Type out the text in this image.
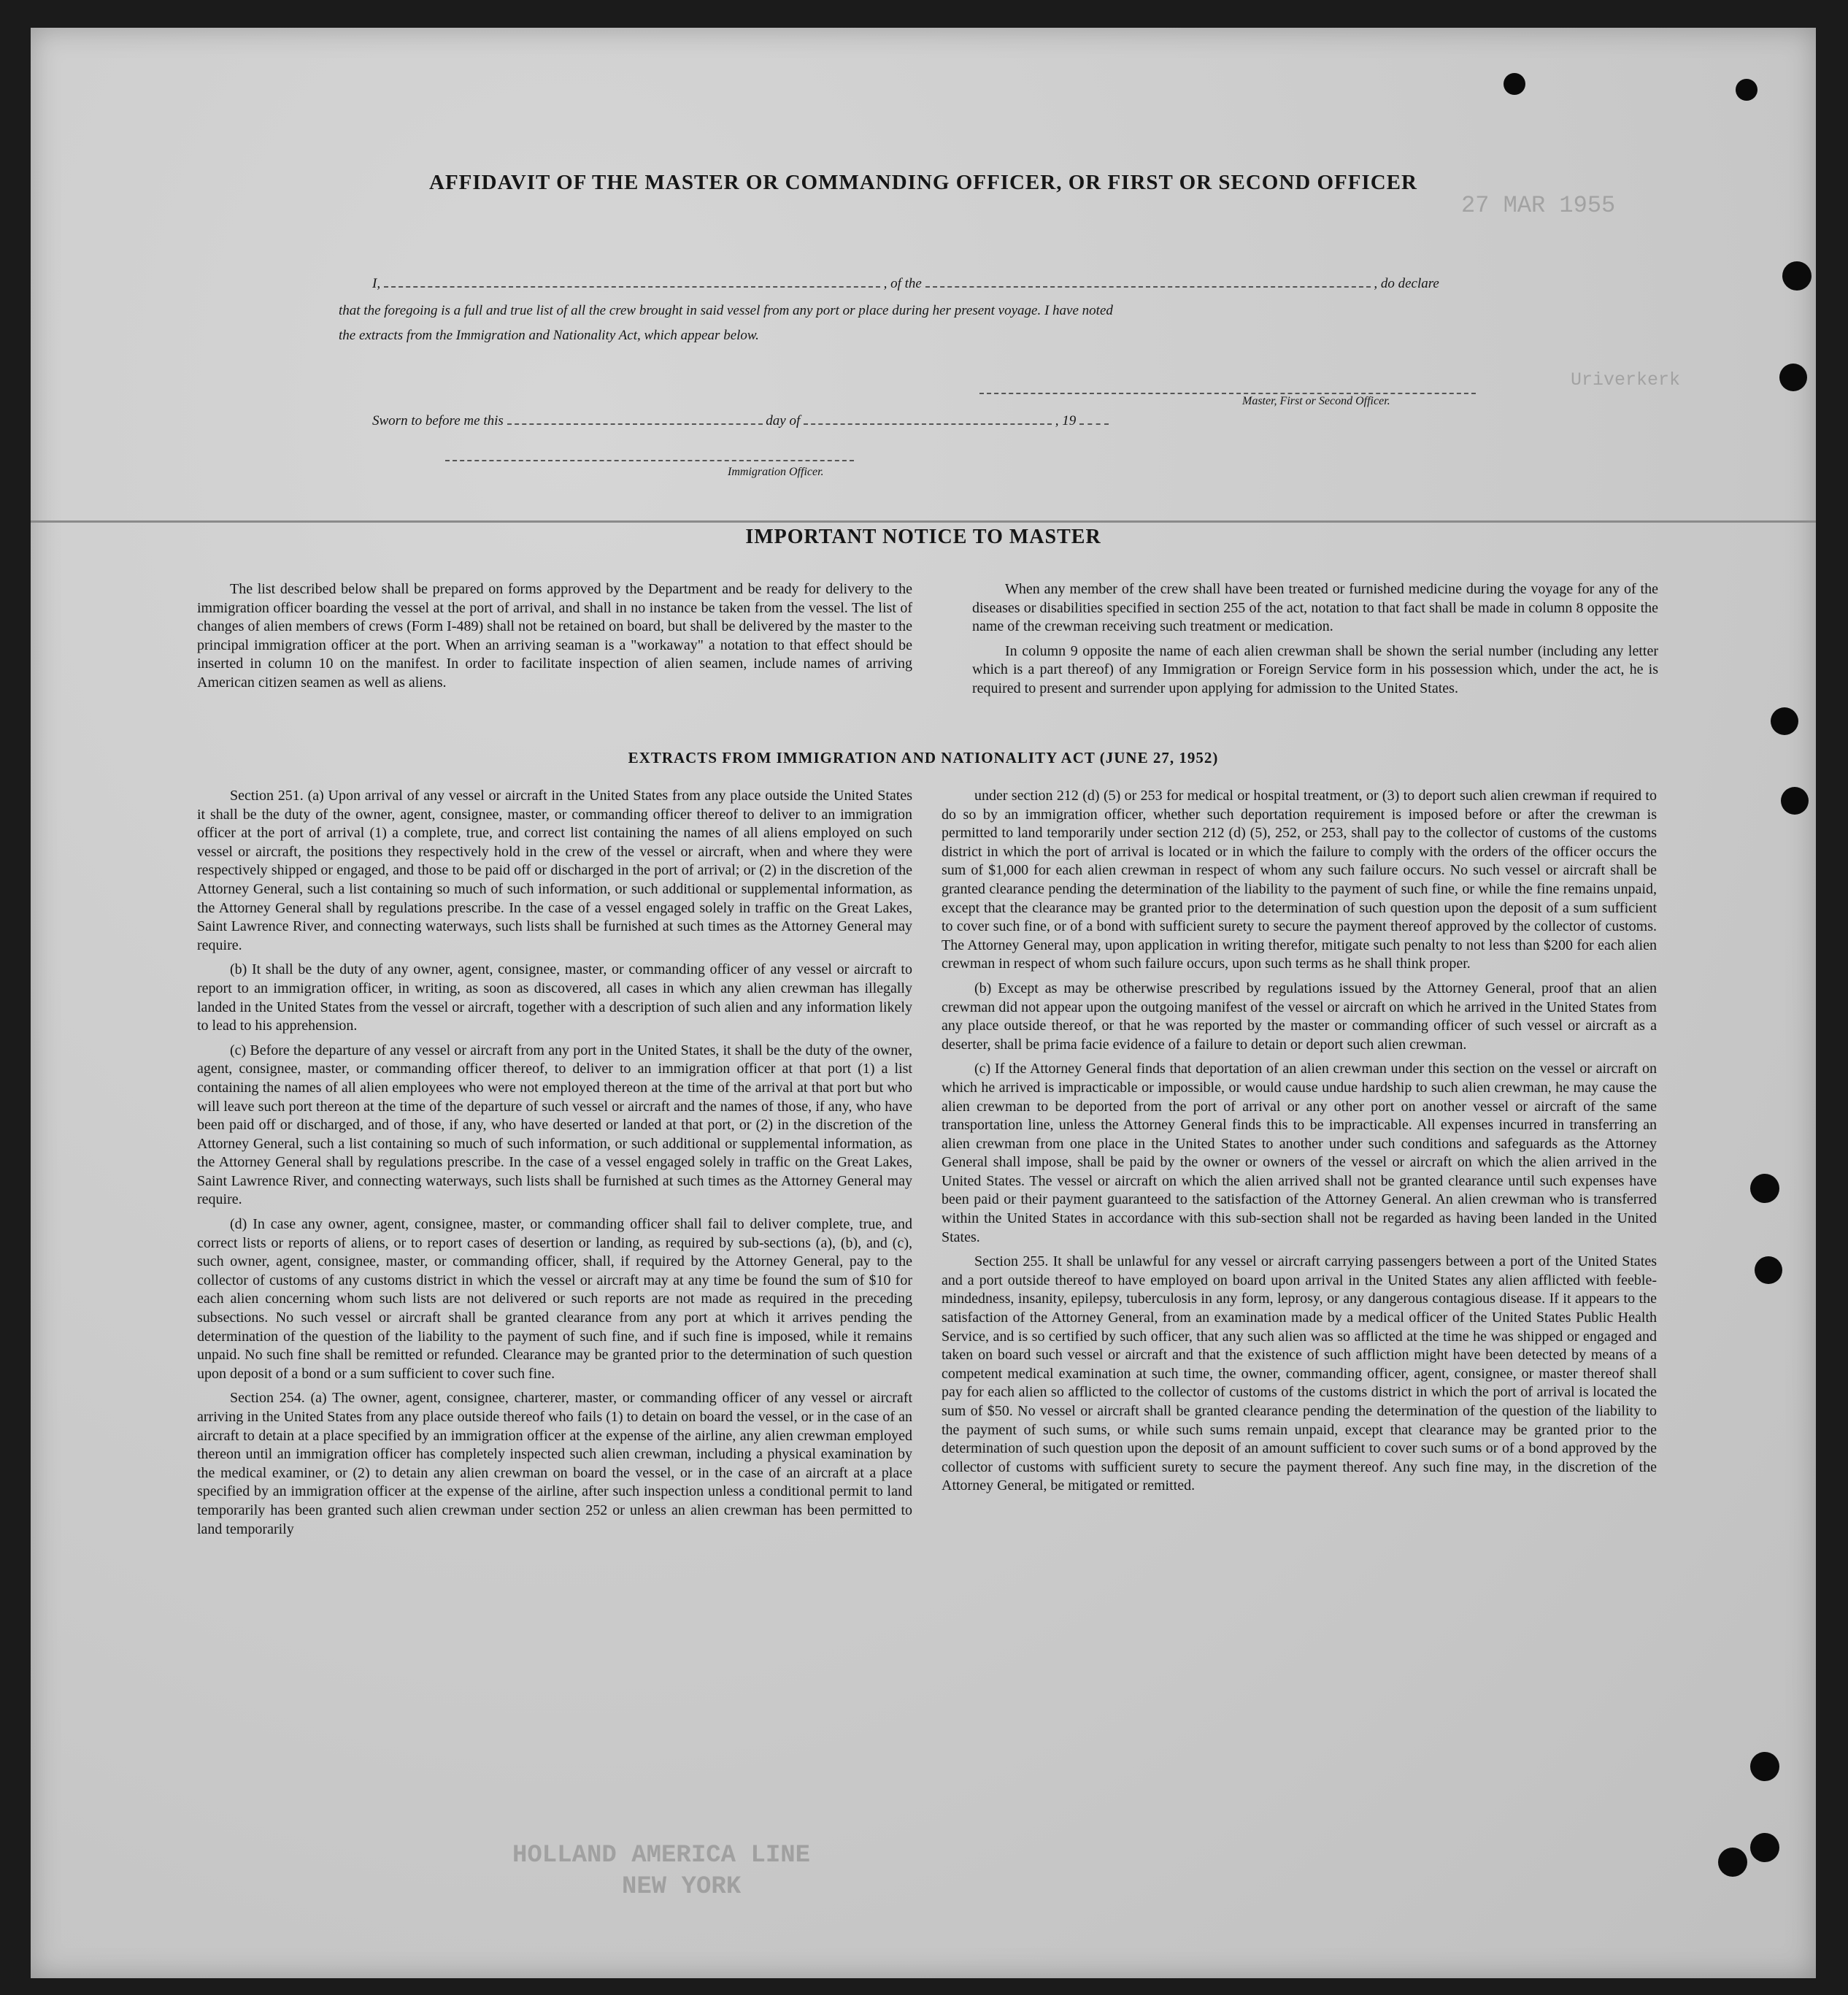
27 MAR 1955
Uriverkerk
HOLLAND AMERICA LINE
NEW YORK
AFFIDAVIT OF THE MASTER OR COMMANDING OFFICER, OR FIRST OR SECOND OFFICER
I,	, of the	, do declare
that the foregoing is a full and true list of all the crew brought in said vessel from any port or place during her present voyage. I have noted
the extracts from the Immigration and Nationality Act, which appear below.
Master, First or Second Officer.
Sworn to before me this	day of	, 19
Immigration Officer.
IMPORTANT NOTICE TO MASTER

The list described below shall be prepared on forms approved by the Department and be ready for delivery to the immigration officer boarding the vessel at the port of arrival, and shall in no instance be taken from the vessel. The list of changes of alien members of crews (Form I-489) shall not be retained on board, but shall be delivered by the master to the principal immigration officer at the port. When an arriving seaman is a "workaway" a notation to that effect should be inserted in column 10 on the manifest. In order to facilitate inspection of alien seamen, include names of arriving American citizen seamen as well as aliens.

When any member of the crew shall have been treated or furnished medicine during the voyage for any of the diseases or disabilities specified in section 255 of the act, notation to that fact shall be made in column 8 opposite the name of the crewman receiving such treatment or medication.

In column 9 opposite the name of each alien crewman shall be shown the serial number (including any letter which is a part thereof) of any Immigration or Foreign Service form in his possession which, under the act, he is required to present and surrender upon applying for admission to the United States.

EXTRACTS FROM IMMIGRATION AND NATIONALITY ACT (JUNE 27, 1952)

Section 251. (a) Upon arrival of any vessel or aircraft in the United States from any place outside the United States it shall be the duty of the owner, agent, consignee, master, or commanding officer thereof to deliver to an immigration officer at the port of arrival (1) a complete, true, and correct list containing the names of all aliens employed on such vessel or aircraft, the positions they respectively hold in the crew of the vessel or aircraft, when and where they were respectively shipped or engaged, and those to be paid off or discharged in the port of arrival; or (2) in the discretion of the Attorney General, such a list containing so much of such information, or such additional or supplemental information, as the Attorney General shall by regulations prescribe. In the case of a vessel engaged solely in traffic on the Great Lakes, Saint Lawrence River, and connecting waterways, such lists shall be furnished at such times as the Attorney General may require.

(b) It shall be the duty of any owner, agent, consignee, master, or commanding officer of any vessel or aircraft to report to an immigration officer, in writing, as soon as discovered, all cases in which any alien crewman has illegally landed in the United States from the vessel or aircraft, together with a description of such alien and any information likely to lead to his apprehension.

(c) Before the departure of any vessel or aircraft from any port in the United States, it shall be the duty of the owner, agent, consignee, master, or commanding officer thereof, to deliver to an immigration officer at that port (1) a list containing the names of all alien employees who were not employed thereon at the time of the arrival at that port but who will leave such port thereon at the time of the departure of such vessel or aircraft and the names of those, if any, who have been paid off or discharged, and of those, if any, who have deserted or landed at that port, or (2) in the discretion of the Attorney General, such a list containing so much of such information, or such additional or supplemental information, as the Attorney General shall by regulations prescribe. In the case of a vessel engaged solely in traffic on the Great Lakes, Saint Lawrence River, and connecting waterways, such lists shall be furnished at such times as the Attorney General may require.

(d) In case any owner, agent, consignee, master, or commanding officer shall fail to deliver complete, true, and correct lists or reports of aliens, or to report cases of desertion or landing, as required by sub-sections (a), (b), and (c), such owner, agent, consignee, master, or commanding officer, shall, if required by the Attorney General, pay to the collector of customs of any customs district in which the vessel or aircraft may at any time be found the sum of $10 for each alien concerning whom such lists are not delivered or such reports are not made as required in the preceding subsections. No such vessel or aircraft shall be granted clearance from any port at which it arrives pending the determination of the question of the liability to the payment of such fine, and if such fine is imposed, while it remains unpaid. No such fine shall be remitted or refunded. Clearance may be granted prior to the determination of such question upon deposit of a bond or a sum sufficient to cover such fine.

Section 254. (a) The owner, agent, consignee, charterer, master, or commanding officer of any vessel or aircraft arriving in the United States from any place outside thereof who fails (1) to detain on board the vessel, or in the case of an aircraft to detain at a place specified by an immigration officer at the expense of the airline, any alien crewman employed thereon until an immigration officer has completely inspected such alien crewman, including a physical examination by the medical examiner, or (2) to detain any alien crewman on board the vessel, or in the case of an aircraft at a place specified by an immigration officer at the expense of the airline, after such inspection unless a conditional permit to land temporarily has been granted such alien crewman under section 252 or unless an alien crewman has been permitted to land temporarily

under section 212 (d) (5) or 253 for medical or hospital treatment, or (3) to deport such alien crewman if required to do so by an immigration officer, whether such deportation requirement is imposed before or after the crewman is permitted to land temporarily under section 212 (d) (5), 252, or 253, shall pay to the collector of customs of the customs district in which the port of arrival is located or in which the failure to comply with the orders of the officer occurs the sum of $1,000 for each alien crewman in respect of whom any such failure occurs. No such vessel or aircraft shall be granted clearance pending the determination of the liability to the payment of such fine, or while the fine remains unpaid, except that the clearance may be granted prior to the determination of such question upon the deposit of a sum sufficient to cover such fine, or of a bond with sufficient surety to secure the payment thereof approved by the collector of customs. The Attorney General may, upon application in writing therefor, mitigate such penalty to not less than $200 for each alien crewman in respect of whom such failure occurs, upon such terms as he shall think proper.

(b) Except as may be otherwise prescribed by regulations issued by the Attorney General, proof that an alien crewman did not appear upon the outgoing manifest of the vessel or aircraft on which he arrived in the United States from any place outside thereof, or that he was reported by the master or commanding officer of such vessel or aircraft as a deserter, shall be prima facie evidence of a failure to detain or deport such alien crewman.

(c) If the Attorney General finds that deportation of an alien crewman under this section on the vessel or aircraft on which he arrived is impracticable or impossible, or would cause undue hardship to such alien crewman, he may cause the alien crewman to be deported from the port of arrival or any other port on another vessel or aircraft of the same transportation line, unless the Attorney General finds this to be impracticable. All expenses incurred in transferring an alien crewman from one place in the United States to another under such conditions and safeguards as the Attorney General shall impose, shall be paid by the owner or owners of the vessel or aircraft on which the alien arrived in the United States. The vessel or aircraft on which the alien arrived shall not be granted clearance until such expenses have been paid or their payment guaranteed to the satisfaction of the Attorney General. An alien crewman who is transferred within the United States in accordance with this sub-section shall not be regarded as having been landed in the United States.

Section 255. It shall be unlawful for any vessel or aircraft carrying passengers between a port of the United States and a port outside thereof to have employed on board upon arrival in the United States any alien afflicted with feeble-mindedness, insanity, epilepsy, tuberculosis in any form, leprosy, or any dangerous contagious disease. If it appears to the satisfaction of the Attorney General, from an examination made by a medical officer of the United States Public Health Service, and is so certified by such officer, that any such alien was so afflicted at the time he was shipped or engaged and taken on board such vessel or aircraft and that the existence of such affliction might have been detected by means of a competent medical examination at such time, the owner, commanding officer, agent, consignee, or master thereof shall pay for each alien so afflicted to the collector of customs of the customs district in which the port of arrival is located the sum of $50. No vessel or aircraft shall be granted clearance pending the determination of the question of the liability to the payment of such sums, or while such sums remain unpaid, except that clearance may be granted prior to the determination of such question upon the deposit of an amount sufficient to cover such sums or of a bond approved by the collector of customs with sufficient surety to secure the payment thereof. Any such fine may, in the discretion of the Attorney General, be mitigated or remitted.
